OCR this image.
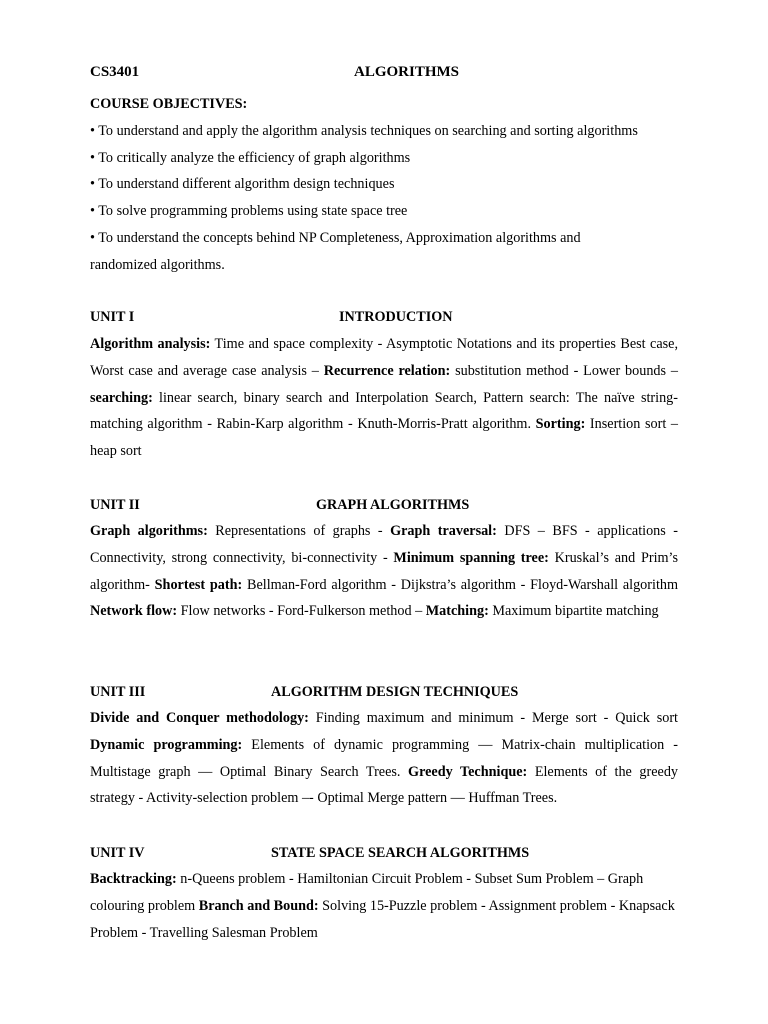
CS3401	ALGORITHMS

COURSE OBJECTIVES:

• To understand and apply the algorithm analysis techniques on searching and sorting algorithms

• To critically analyze the efficiency of graph algorithms

• To understand different algorithm design techniques

• To solve programming problems using state space tree

• To understand the concepts behind NP Completeness, Approximation algorithms and randomized algorithms.

UNIT I	INTRODUCTION

Algorithm analysis: Time and space complexity - Asymptotic Notations and its properties Best case, Worst case and average case analysis – Recurrence relation: substitution method - Lower bounds – searching: linear search, binary search and Interpolation Search, Pattern search: The naïve string- matching algorithm - Rabin-Karp algorithm - Knuth-Morris-Pratt algorithm. Sorting: Insertion sort – heap sort

UNIT II	GRAPH ALGORITHMS

Graph algorithms: Representations of graphs - Graph traversal: DFS – BFS - applications - Connectivity, strong connectivity, bi-connectivity - Minimum spanning tree: Kruskal’s and Prim’s algorithm- Shortest path: Bellman-Ford algorithm - Dijkstra’s algorithm - Floyd-Warshall algorithm Network flow: Flow networks - Ford-Fulkerson method – Matching: Maximum bipartite matching

UNIT III	ALGORITHM DESIGN TECHNIQUES

Divide and Conquer methodology: Finding maximum and minimum - Merge sort - Quick sort Dynamic programming: Elements of dynamic programming — Matrix-chain multiplication - Multistage graph — Optimal Binary Search Trees. Greedy Technique: Elements of the greedy strategy - Activity-selection problem –- Optimal Merge pattern — Huffman Trees.

UNIT IV	STATE SPACE SEARCH ALGORITHMS

Backtracking: n-Queens problem - Hamiltonian Circuit Problem - Subset Sum Problem – Graph colouring problem Branch and Bound: Solving 15-Puzzle problem - Assignment problem - Knapsack Problem - Travelling Salesman Problem
